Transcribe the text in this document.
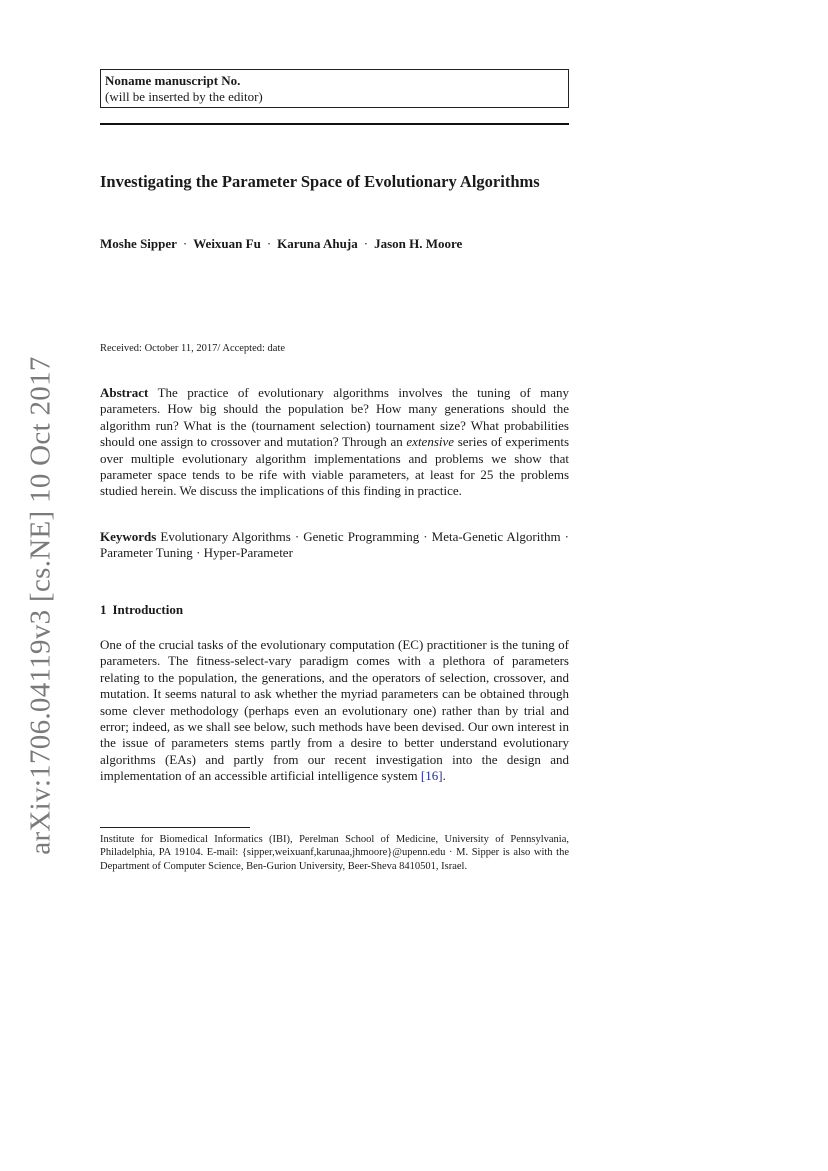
arXiv:1706.04119v3 [cs.NE] 10 Oct 2017
Noname manuscript No.
(will be inserted by the editor)
Investigating the Parameter Space of Evolutionary Algorithms
Moshe Sipper · Weixuan Fu · Karuna Ahuja · Jason H. Moore
Received: October 11, 2017/ Accepted: date
Abstract The practice of evolutionary algorithms involves the tuning of many parameters. How big should the population be? How many generations should the algorithm run? What is the (tournament selection) tournament size? What probabilities should one assign to crossover and mutation? Through an extensive series of experiments over multiple evolutionary algorithm implementations and problems we show that parameter space tends to be rife with viable parameters, at least for 25 the problems studied herein. We discuss the implications of this finding in practice.
Keywords Evolutionary Algorithms · Genetic Programming · Meta-Genetic Algorithm · Parameter Tuning · Hyper-Parameter
1 Introduction
One of the crucial tasks of the evolutionary computation (EC) practitioner is the tuning of parameters. The fitness-select-vary paradigm comes with a plethora of parameters relating to the population, the generations, and the operators of selection, crossover, and mutation. It seems natural to ask whether the myriad parameters can be obtained through some clever methodology (perhaps even an evolutionary one) rather than by trial and error; indeed, as we shall see below, such methods have been devised. Our own interest in the issue of parameters stems partly from a desire to better understand evolutionary algorithms (EAs) and partly from our recent investigation into the design and implementation of an accessible artificial intelligence system [16].
Institute for Biomedical Informatics (IBI), Perelman School of Medicine, University of Pennsylvania, Philadelphia, PA 19104. E-mail: {sipper,weixuanf,karunaa,jhmoore}@upenn.edu · M. Sipper is also with the Department of Computer Science, Ben-Gurion University, Beer-Sheva 8410501, Israel.
